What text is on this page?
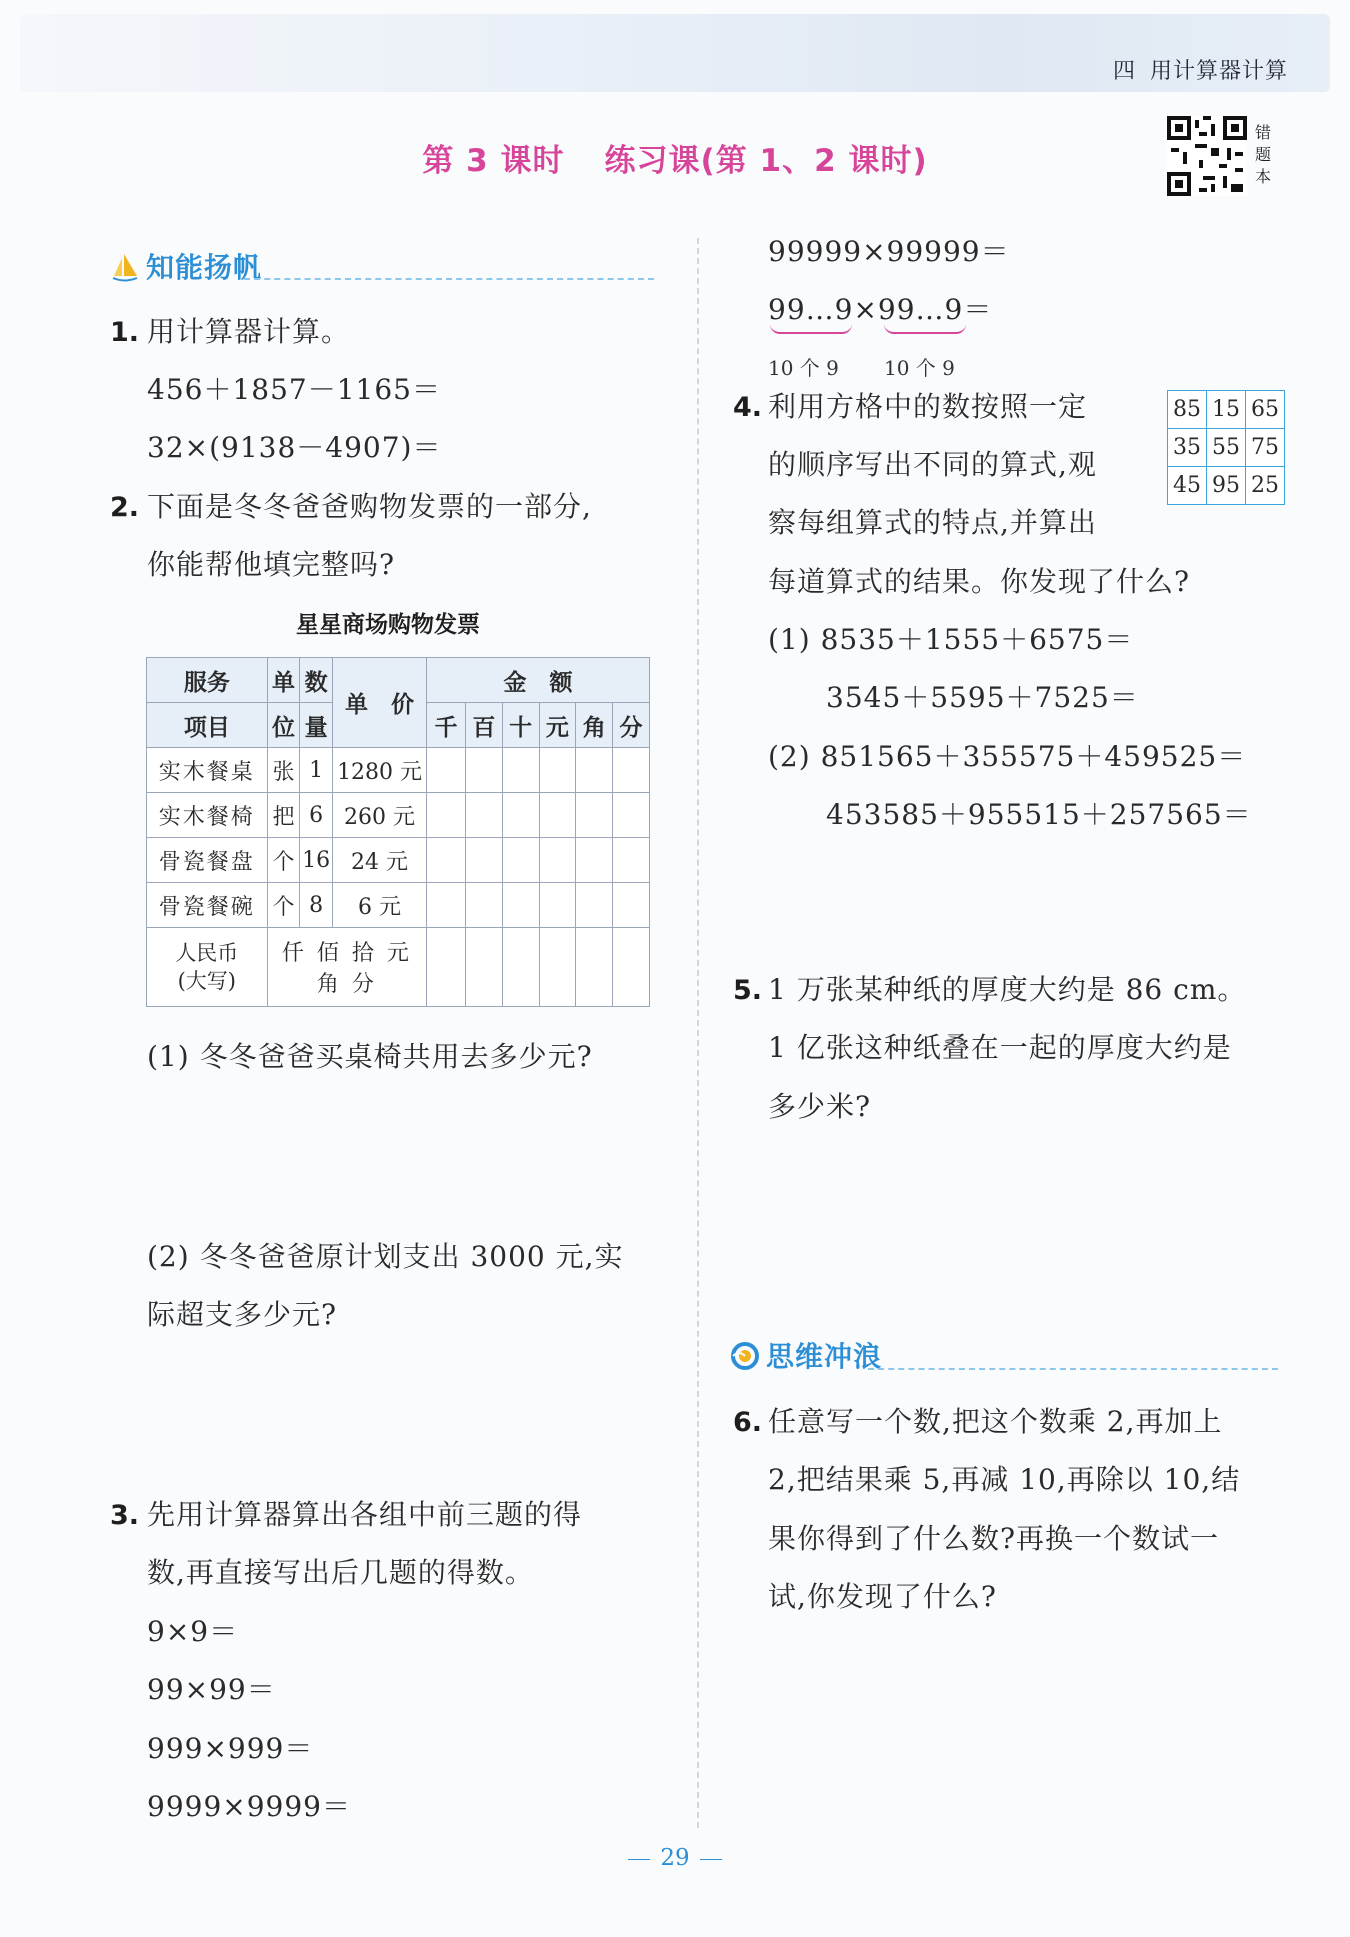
四 用计算器计算
第 3 课时 练习课(第 1、2 课时)
错题本
知能扬帆
1. 用计算器计算。
456＋1857－1165＝
32×(9138－4907)＝
2. 下面是冬冬爸爸购物发票的一部分,
你能帮他填完整吗?
星星商场购物发票
服务	单	数	单　价	金　额					
项目	位	量		千	百	十	元	角	分
实木餐桌	张	1	1280 元						
实木餐椅	把	6	260 元						
骨瓷餐盘	个	16	24 元						
骨瓷餐碗	个	8	6 元						
人民币
(大写)	仟 佰 拾 元 角 分								
(1) 冬冬爸爸买桌椅共用去多少元?
(2) 冬冬爸爸原计划支出 3000 元,实
际超支多少元?
3. 先用计算器算出各组中前三题的得
数,再直接写出后几题的得数。
9×9＝
99×99＝
999×999＝
9999×9999＝
99999×99999＝
99…9×99…9＝
10 个 9 10 个 9
4. 利用方格中的数按照一定
的顺序写出不同的算式,观
察每组算式的特点,并算出
每道算式的结果。你发现了什么?
85	15	65
35	55	75
45	95	25
(1) 8535＋1555＋6575＝
3545＋5595＋7525＝
(2) 851565＋355575＋459525＝
453585＋955515＋257565＝
5. 1 万张某种纸的厚度大约是 86 cm。
1 亿张这种纸叠在一起的厚度大约是
多少米?
思维冲浪
6. 任意写一个数,把这个数乘 2,再加上
2,把结果乘 5,再减 10,再除以 10,结
果你得到了什么数?再换一个数试一
试,你发现了什么?
29
